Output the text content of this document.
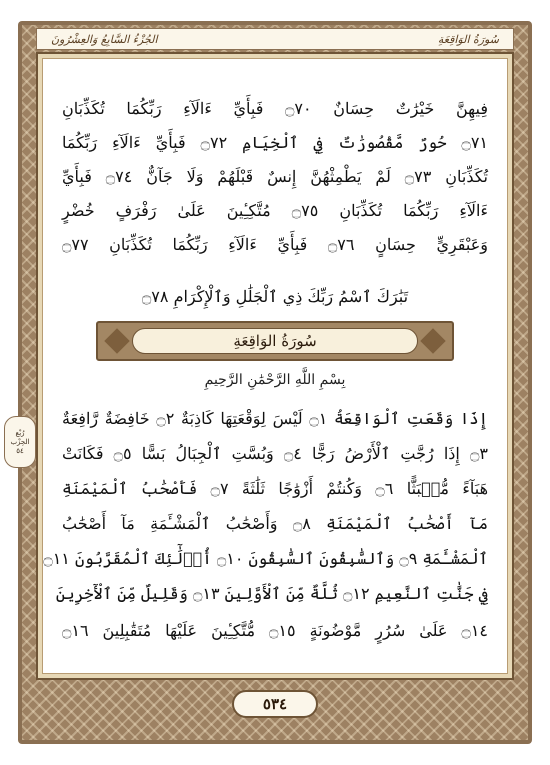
سُورَةُ الوَاقِعَةِ
الجُزْءُ السَّابِعُ وَالعِشْرُونَ
فِيهِنَّ خَيْرَٰتٌ حِسَانٌ ۝٧٠ فَبِأَيِّ ءَالَآءِ رَبِّكُمَا تُكَذِّبَانِ
۝٧١ حُورٌ مَّقْصُورَٰتٌ فِي ٱلْخِيَامِ ۝٧٢ فَبِأَيِّ ءَالَآءِ رَبِّكُمَا
تُكَذِّبَانِ ۝٧٣ لَمْ يَطْمِثْهُنَّ إِنسٌ قَبْلَهُمْ وَلَا جَآنٌّ ۝٧٤ فَبِأَيِّ
ءَالَآءِ رَبِّكُمَا تُكَذِّبَانِ ۝٧٥ مُتَّكِـِٔينَ عَلَىٰ رَفْرَفٍ خُضْرٍ
وَعَبْقَرِيٍّ حِسَانٍ ۝٧٦ فَبِأَيِّ ءَالَآءِ رَبِّكُمَا تُكَذِّبَانِ ۝٧٧
تَبَٰرَكَ ٱسْمُ رَبِّكَ ذِي ٱلْجَلَٰلِ وَٱلْإِكْرَامِ ۝٧٨
سُورَةُ الوَاقِعَةِ
بِسْمِ اللَّهِ الرَّحْمَٰنِ الرَّحِيمِ
إِذَا وَقَعَتِ ٱلْوَاقِعَةُ ۝١ لَيْسَ لِوَقْعَتِهَا كَاذِبَةٌ ۝٢ خَافِضَةٌ رَّافِعَةٌ
۝٣ إِذَا رُجَّتِ ٱلْأَرْضُ رَجًّا ۝٤ وَبُسَّتِ ٱلْجِبَالُ بَسًّا ۝٥ فَكَانَتْ
هَبَآءً مُّنۢبَثًّا ۝٦ وَكُنتُمْ أَزْوَٰجًا ثَلَٰثَةً ۝٧ فَأَصْحَٰبُ ٱلْمَيْمَنَةِ
مَآ أَصْحَٰبُ ٱلْمَيْمَنَةِ ۝٨ وَأَصْحَٰبُ ٱلْمَشْـَٔمَةِ مَآ أَصْحَٰبُ
ٱلْمَشْـَٔمَةِ ۝٩ وَٱلسَّٰبِقُونَ ٱلسَّٰبِقُونَ ۝١٠ أُو۟لَٰٓئِكَ ٱلْمُقَرَّبُونَ ۝١١
فِي جَنَّٰتِ ٱلنَّعِيمِ ۝١٢ ثُلَّةٌ مِّنَ ٱلْأَوَّلِينَ ۝١٣ وَقَلِيلٌ مِّنَ ٱلْأٓخِرِينَ
۝١٤ عَلَىٰ سُرُرٍ مَّوْضُونَةٍ ۝١٥ مُّتَّكِـِٔينَ عَلَيْهَا مُتَقَٰبِلِينَ ۝١٦
رُبْع
الحِزْب
٥٤
٥٣٤
